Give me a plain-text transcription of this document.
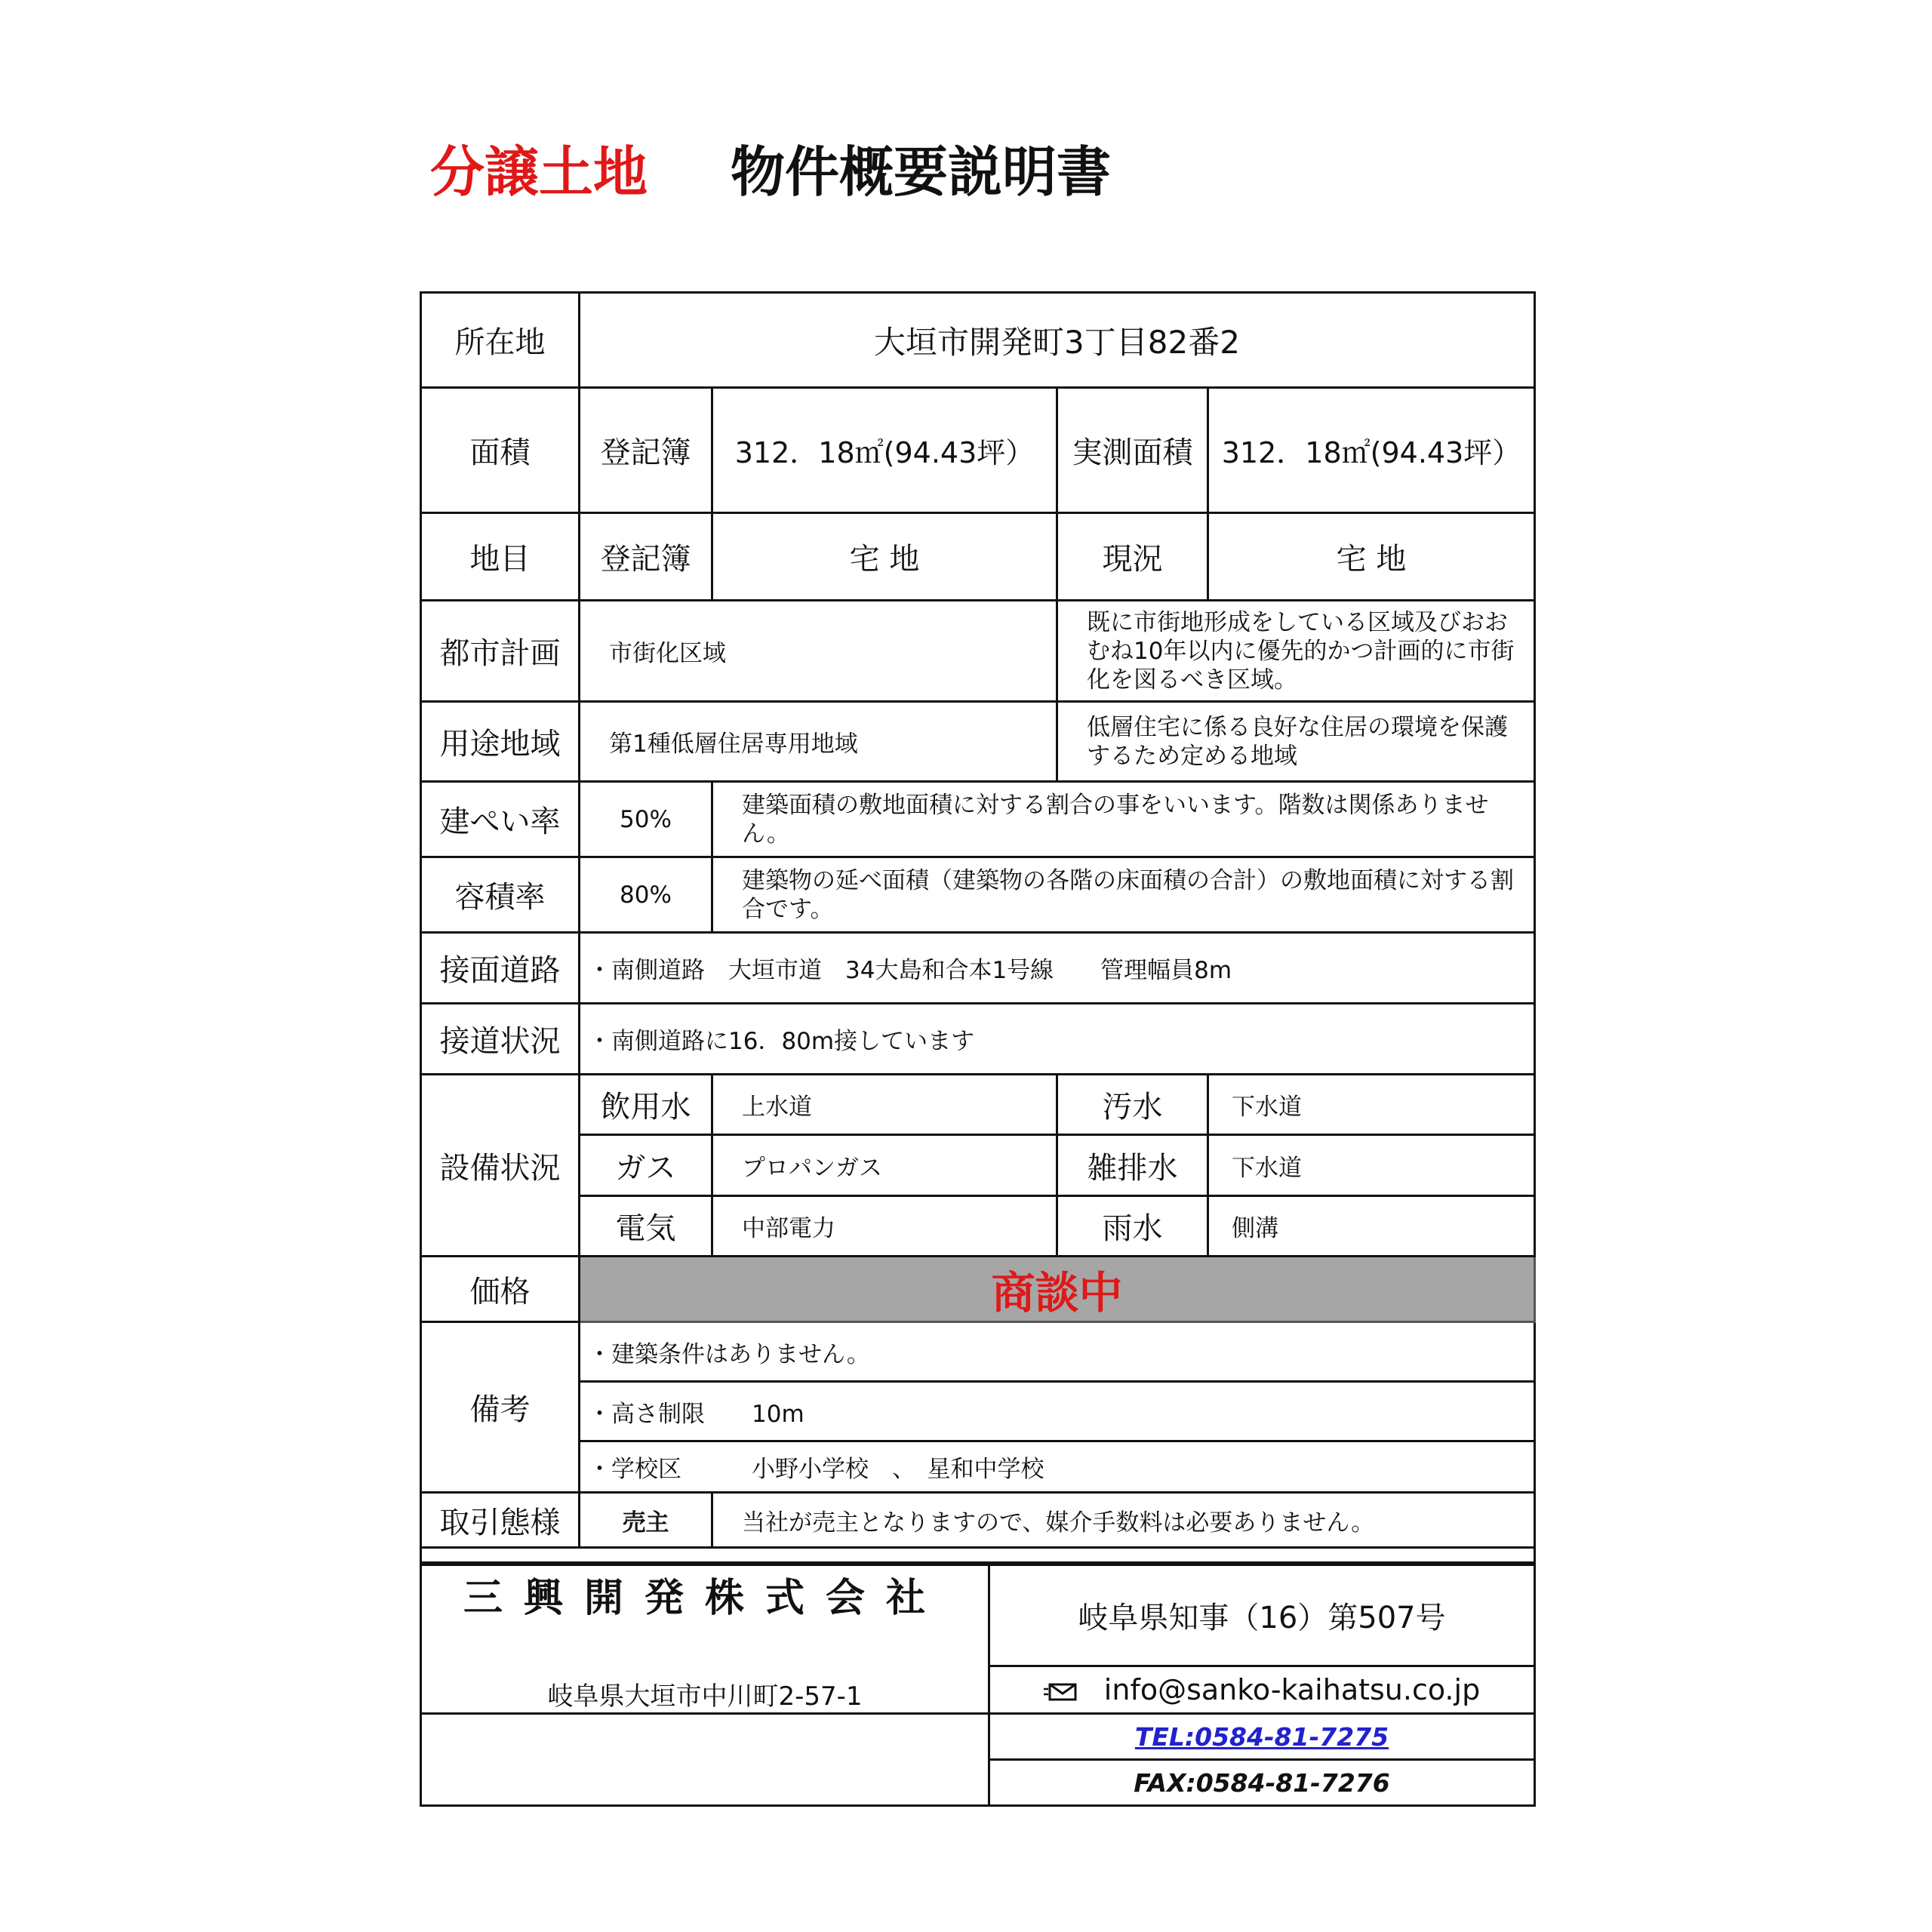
分譲土地 物件概要説明書
所在地	大垣市開発町3丁目82番2			
面積	登記簿	312．18㎡(94.43坪）	実測面積	312．18㎡(94.43坪）
地目	登記簿	宅 地	現況	宅 地
都市計画	市街化区域		既に市街地形成をしている区域及びおおむね10年以内に優先的かつ計画的に市街化を図るべき区域。	
用途地域	第1種低層住居専用地域		低層住宅に係る良好な住居の環境を保護するため定める地域	
建ぺい率	50%	建築面積の敷地面積に対する割合の事をいいます。階数は関係ありません。		
容積率	80%	建築物の延べ面積（建築物の各階の床面積の合計）の敷地面積に対する割合です。		
接面道路	・南側道路　大垣市道　34大島和合本1号線　　管理幅員8m			
接道状況	・南側道路に16．80m接しています			
設備状況	飲用水	上水道	汚水	下水道
	ガス	プロパンガス	雑排水	下水道
	電気	中部電力	雨水	側溝
価格	商談中			
備考	・建築条件はありません。			
	・高さ制限　　10m			
	・学校区　　　小野小学校　、　星和中学校			
取引態様	売主	当社が売主となりますので、媒介手数料は必要ありません。		

三興開発株式会社
岐阜県大垣市中川町2-57-1	岐阜県知事（16）第507号
	info@sanko-kaihatsu.co.jp
	TEL:0584-81-7275
	FAX:0584-81-7276
